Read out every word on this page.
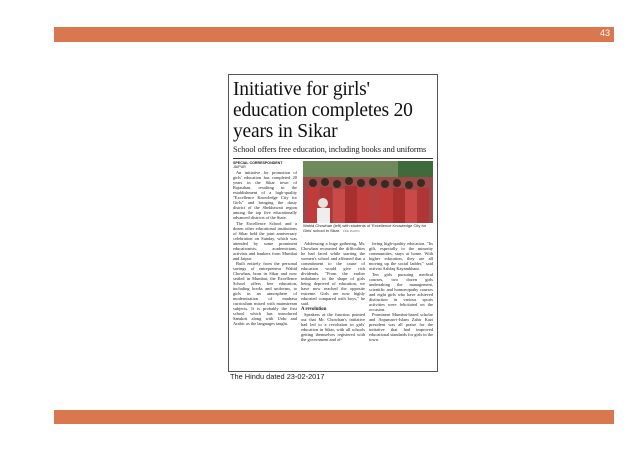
43
Initiative for girls' education completes 20 years in Sikar
School offers free education, including books and uniforms
SPECIAL CORRESPONDENT
JAIPUR

An initiative for promotion of girls' education has completed 20 years in the Sikar town of Rajasthan, resulting in the establishment of a high-quality "Excellence Knowledge City for Girls" and bringing the dusty district of the Shekhawati region among the top five educationally advanced districts of the State.

The Excellence School and a dozen other educational institutions of Sikar held the joint anniversary celebration on Sunday, which was attended by some prominent educationists, academicians, activists and bankers from Mumbai and Jaipur.

Built entirely from the personal savings of entrepreneur Wahid Chowhan, born in Sikar and now settled in Mumbai, the Excellence School offers free education, including books and uniforms, to girls in an atmosphere of modernisation of madrasa curriculum mixed with mainstream subjects. It is probably the first school which has introduced Sanskrit along with Urdu and Arabic as the languages taught.

Wahid Chowhan (left) with students of 'Excellence Knowledge City for Girls' school in Sikar. FILE PHOTO

Addressing a huge gathering, Mr. Chowhan recounted the difficulties he had faced while starting the women's school and affirmed that a commitment to the cause of education would give rich dividends. "From the earlier imbalance in the shape of girls being deprived of education, we have now reached the opposite extreme. Girls are now highly educated compared with boys," he said.

A revolution

Speakers at the function pointed out that Mr. Chowhan's initiative had led to a revolution in girls' education in Sikar, with all schools getting themselves registered with the government and of-

fering high-quality education. "Its gift, especially to the minority communities, stays at home. With higher education, they are all moving up the social ladder," said activist Ashfaq Kayamkhani.

Ten girls pursuing medical courses, two dozen girls undertaking the management, scientific and homoeopathy courses and eight girls who have achieved distinction in various sports activities were felicitated on the occasion.

Prominent Mumbai-based scholar and Anjuman-i-Islam Zahir Kazi president was all praise for the initiative that had improved educational standards for girls in the town.

The Hindu dated 23-02-2017
